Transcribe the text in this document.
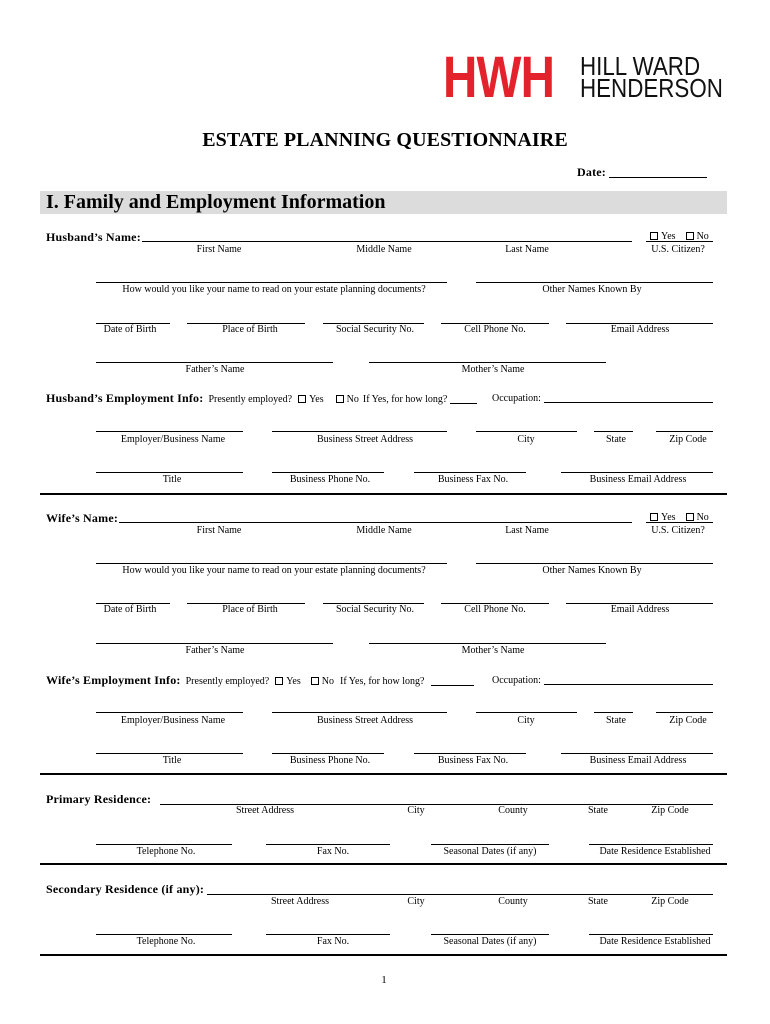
HWH HILL WARD
HENDERSON
ESTATE PLANNING QUESTIONNAIRE
Date:
I. Family and Employment Information
Husband’s Name:	Yes No
First Name	Middle Name	Last Name	U.S. Citizen?
How would you like your name to read on your estate planning documents?	Other Names Known By
Date of Birth	Place of Birth	Social Security No.	Cell Phone No.	Email Address
Father’s Name	Mother’s Name
Husband’s Employment Info: Presently employed? Yes No If Yes, for how long?	Occupation:
Employer/Business Name	Business Street Address	City	State	Zip Code
Title	Business Phone No.	Business Fax No.	Business Email Address
Wife’s Name:	Yes No
First Name	Middle Name	Last Name	U.S. Citizen?
How would you like your name to read on your estate planning documents?	Other Names Known By
Date of Birth	Place of Birth	Social Security No.	Cell Phone No.	Email Address
Father’s Name	Mother’s Name
Wife’s Employment Info: Presently employed? Yes No If Yes, for how long?	Occupation:
Employer/Business Name	Business Street Address	City	State	Zip Code
Title	Business Phone No.	Business Fax No.	Business Email Address
Primary Residence:
Street Address	City	County	State	Zip Code
Telephone No.	Fax No.	Seasonal Dates (if any)	Date Residence Established
Secondary Residence (if any):
Street Address	City	County	State	Zip Code
Telephone No.	Fax No.	Seasonal Dates (if any)	Date Residence Established
1
